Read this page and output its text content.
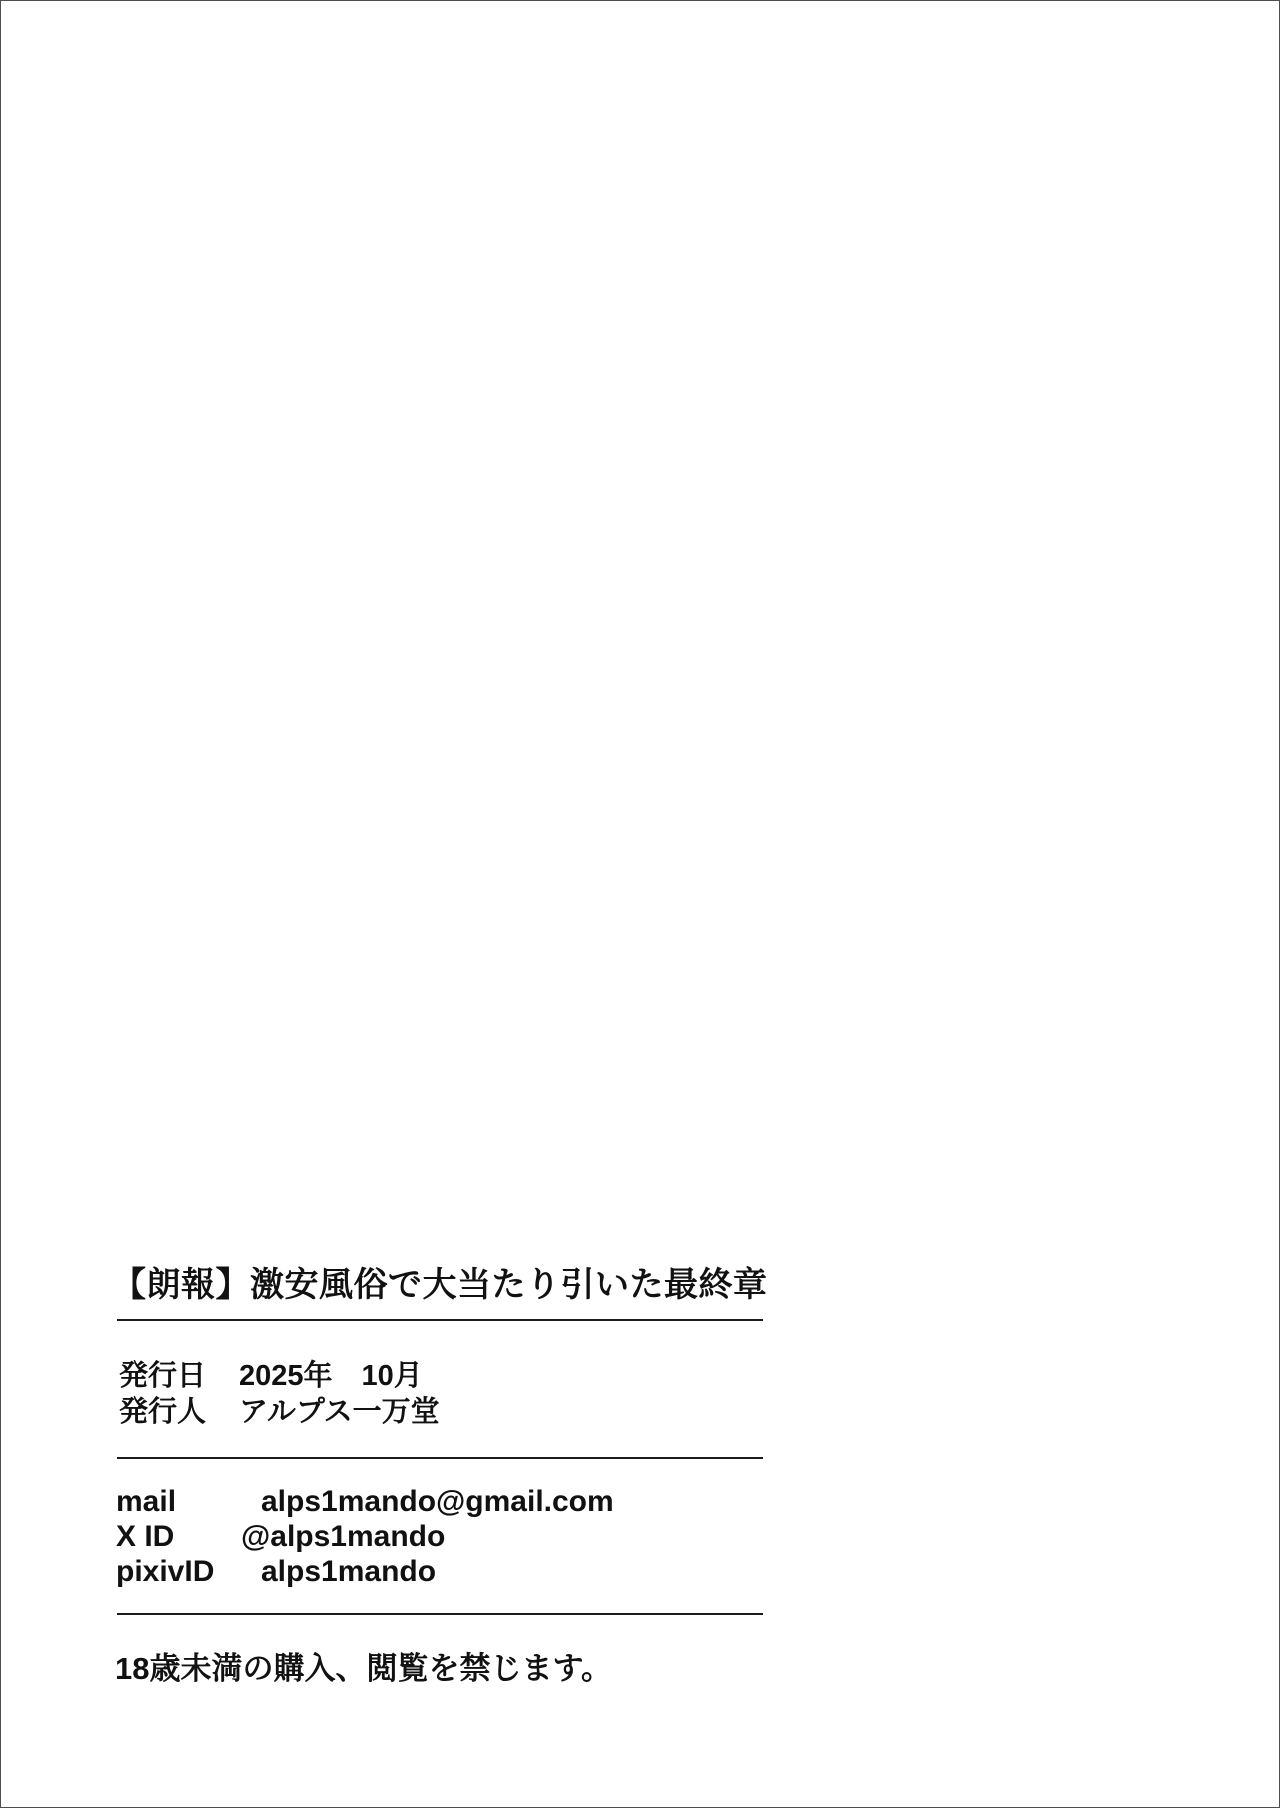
【朗報】激安風俗で大当たり引いた最終章
発行日 2025年　10月
発行人 アルプス一万堂
mail	alps1mando@gmail.com
X ID @alps1mando
pixivID alps1mando
18歳未満の購入、閲覧を禁じます。
